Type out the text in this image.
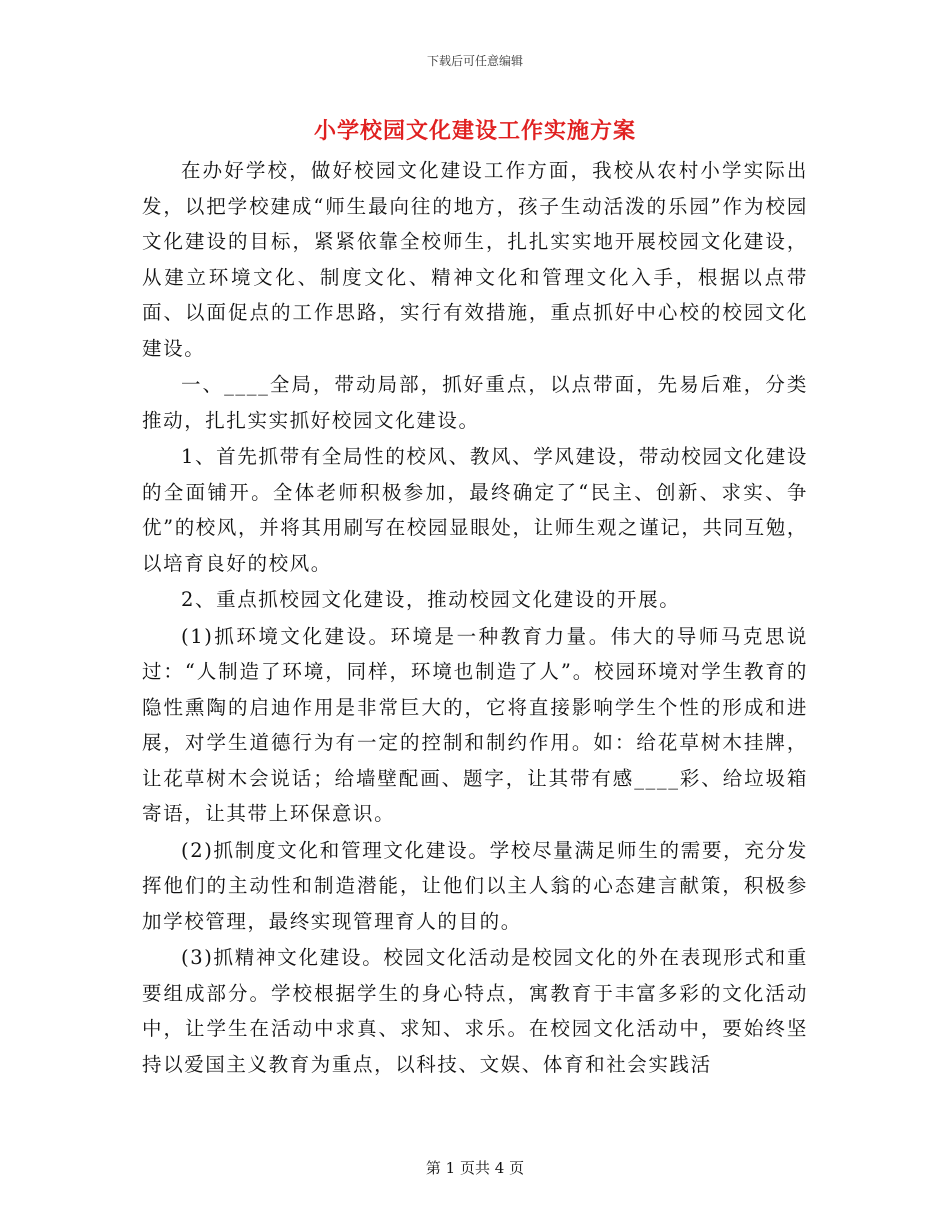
下载后可任意编辑
小学校园文化建设工作实施方案

在办好学校，做好校园文化建设工作方面，我校从农村小学实际出发，以把学校建成“师生最向往的地方，孩子生动活泼的乐园”作为校园文化建设的目标，紧紧依靠全校师生，扎扎实实地开展校园文化建设，从建立环境文化、制度文化、精神文化和管理文化入手，根据以点带面、以面促点的工作思路，实行有效措施，重点抓好中心校的校园文化建设。

一、____全局，带动局部，抓好重点，以点带面，先易后难，分类推动，扎扎实实抓好校园文化建设。

1、首先抓带有全局性的校风、教风、学风建设，带动校园文化建设的全面铺开。全体老师积极参加，最终确定了“民主、创新、求实、争优”的校风，并将其用刷写在校园显眼处，让师生观之谨记，共同互勉，以培育良好的校风。

2、重点抓校园文化建设，推动校园文化建设的开展。

(1)抓环境文化建设。环境是一种教育力量。伟大的导师马克思说过：“人制造了环境，同样，环境也制造了人”。校园环境对学生教育的隐性熏陶的启迪作用是非常巨大的，它将直接影响学生个性的形成和进展，对学生道德行为有一定的控制和制约作用。如：给花草树木挂牌，让花草树木会说话；给墙壁配画、题字，让其带有感____彩、给垃圾箱寄语，让其带上环保意识。

(2)抓制度文化和管理文化建设。学校尽量满足师生的需要，充分发挥他们的主动性和制造潜能，让他们以主人翁的心态建言献策，积极参加学校管理，最终实现管理育人的目的。

(3)抓精神文化建设。校园文化活动是校园文化的外在表现形式和重要组成部分。学校根据学生的身心特点，寓教育于丰富多彩的文化活动中，让学生在活动中求真、求知、求乐。在校园文化活动中，要始终坚持以爱国主义教育为重点，以科技、文娱、体育和社会实践活

第 1 页共 4 页
